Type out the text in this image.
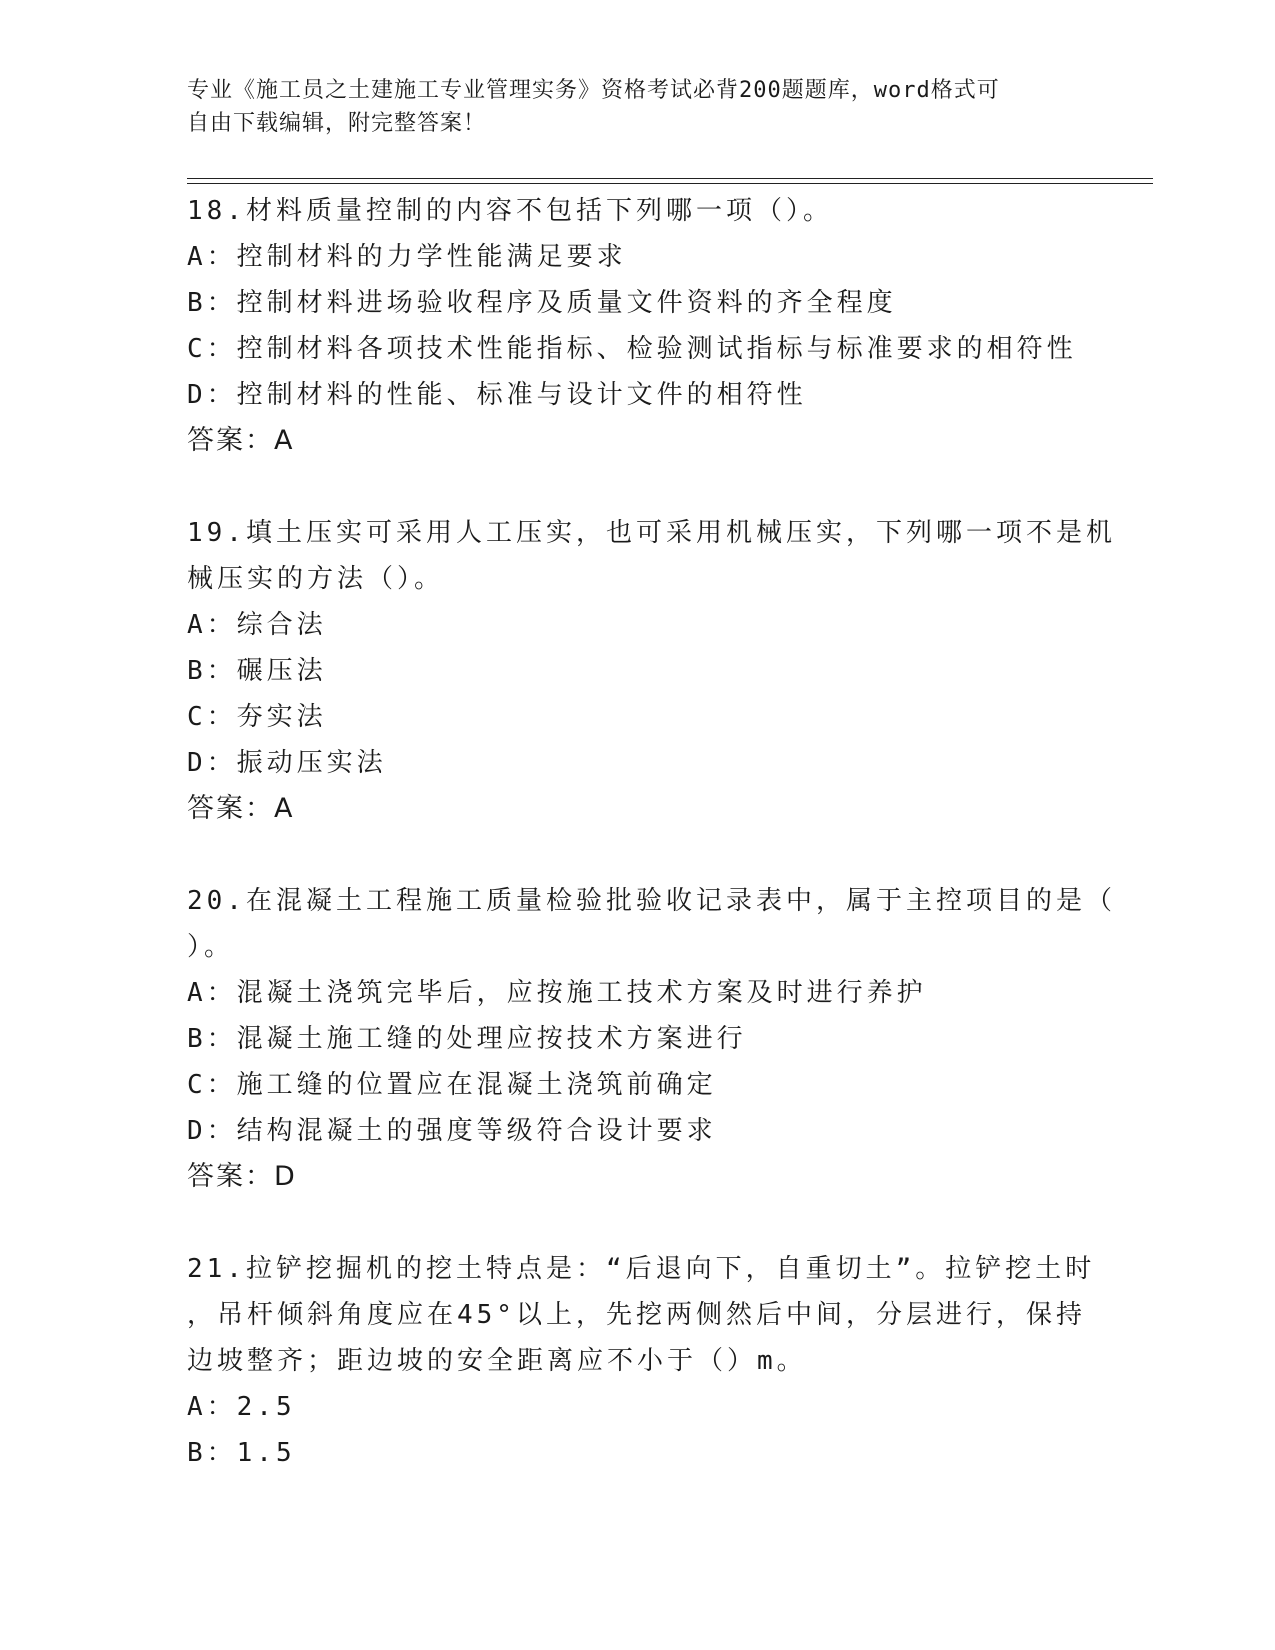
专业《施工员之土建施工专业管理实务》资格考试必背200题题库，word格式可
自由下载编辑，附完整答案！
18.材料质量控制的内容不包括下列哪一项（）。
A：控制材料的力学性能满足要求
B：控制材料进场验收程序及质量文件资料的齐全程度
C：控制材料各项技术性能指标、检验测试指标与标准要求的相符性
D：控制材料的性能、标准与设计文件的相符性
答案：A
19.填土压实可采用人工压实，也可采用机械压实，下列哪一项不是机
械压实的方法（）。
A：综合法
B：碾压法
C：夯实法
D：振动压实法
答案：A
20.在混凝土工程施工质量检验批验收记录表中，属于主控项目的是（
）。
A：混凝土浇筑完毕后，应按施工技术方案及时进行养护
B：混凝土施工缝的处理应按技术方案进行
C：施工缝的位置应在混凝土浇筑前确定
D：结构混凝土的强度等级符合设计要求
答案：D
21.拉铲挖掘机的挖土特点是：“后退向下，自重切土”。拉铲挖土时
，吊杆倾斜角度应在45°以上，先挖两侧然后中间，分层进行，保持
边坡整齐；距边坡的安全距离应不小于（）m。
A：2.5
B：1.5
